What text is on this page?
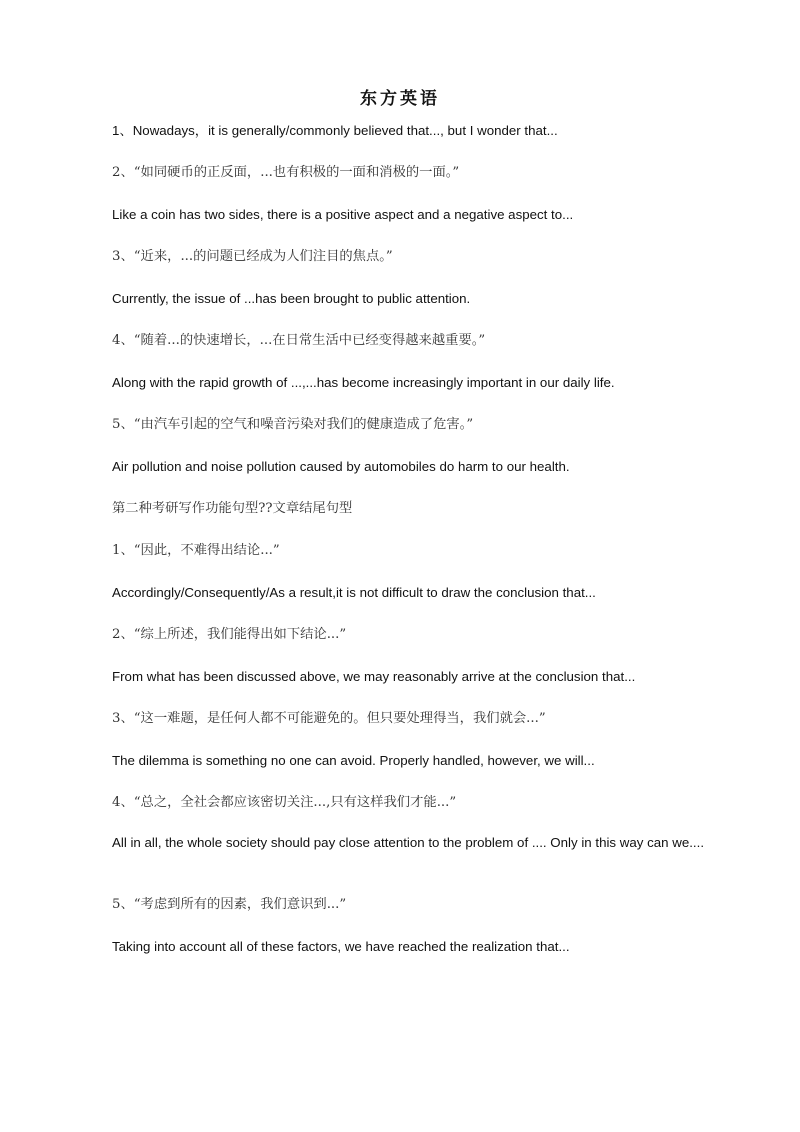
东方英语
1、Nowadays，it is generally/commonly believed that..., but I wonder that...
2、“如同硬币的正反面，...也有积极的一面和消极的一面。”
Like a coin has two sides, there is a positive aspect and a negative aspect to...
3、“近来，...的问题已经成为人们注目的焦点。”
Currently, the issue of ...has been brought to public attention.
4、“随着...的快速增长，...在日常生活中已经变得越来越重要。”
Along with the rapid growth of ...,...has become increasingly important in our daily life.
5、“由汽车引起的空气和噪音污染对我们的健康造成了危害。”
Air pollution and noise pollution caused by automobiles do harm to our health.
第二种考研写作功能句型??文章结尾句型
1、“因此，不难得出结论...”
Accordingly/Consequently/As a result,it is not difficult to draw the conclusion that...
2、“综上所述，我们能得出如下结论...”
From what has been discussed above, we may reasonably arrive at the conclusion that...
3、“这一难题，是任何人都不可能避免的。但只要处理得当，我们就会...”
The dilemma is something no one can avoid. Properly handled, however, we will...
4、“总之，全社会都应该密切关注...,只有这样我们才能...”
All in all, the whole society should pay close attention to the problem of .... Only in this way can we....
5、“考虑到所有的因素，我们意识到...”
Taking into account all of these factors, we have reached the realization that...
